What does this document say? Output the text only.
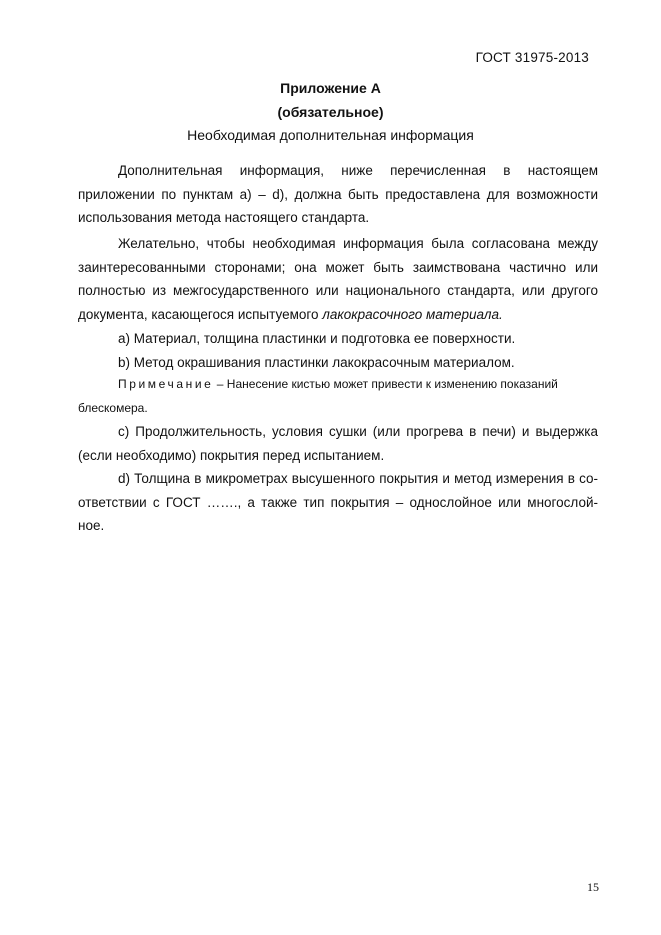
ГОСТ 31975-2013
Приложение А
(обязательное)
Необходимая дополнительная информация
Дополнительная информация, ниже перечисленная в настоящем
приложении по пунктам а) – d), должна быть предоставлена для возможности
использования метода настоящего стандарта.
Желательно, чтобы необходимая информация была согласована между
заинтересованными сторонами; она может быть заимствована частично или
полностью из межгосударственного или национального стандарта, или другого
документа, касающегося испытуемого лакокрасочного материала.
а) Материал, толщина пластинки и подготовка ее поверхности.
b) Метод окрашивания пластинки лакокрасочным материалом.
Примечание – Нанесение кистью может привести к изменению показаний
блескомера.
с) Продолжительность, условия сушки (или прогрева в печи) и выдержка
(если необходимо) покрытия перед испытанием.
d) Толщина в микрометрах высушенного покрытия и метод измерения в со-
ответствии с ГОСТ ……., а также тип покрытия – однослойное или многослой-
ное.
15
